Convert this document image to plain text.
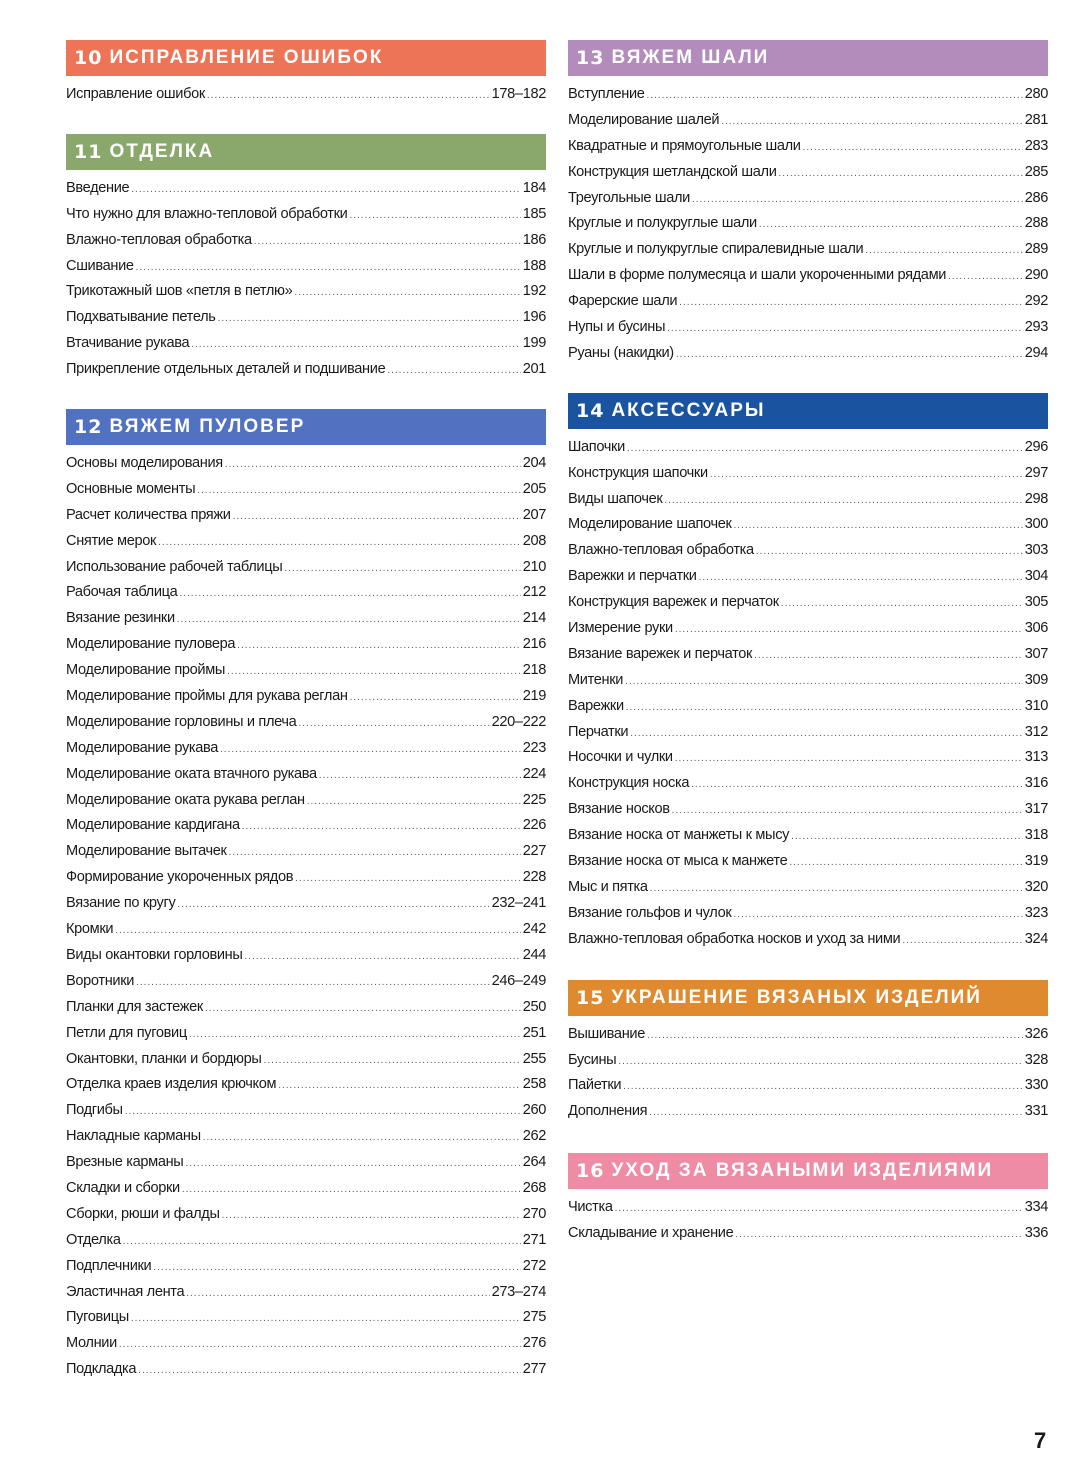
10 ИСПРАВЛЕНИЕ ОШИБОК
Исправление ошибок .....	178–182
11 ОТДЕЛКА
Введение .....	184
Что нужно для влажно-тепловой обработки .....	185
Влажно-тепловая обработка .....	186
Сшивание .....	188
Трикотажный шов «петля в петлю» .....	192
Подхватывание петель .....	196
Втачивание рукава .....	199
Прикрепление отдельных деталей и подшивание .....	201
12 ВЯЖЕМ ПУЛОВЕР
Основы моделирования .....	204
Основные моменты .....	205
Расчет количества пряжи .....	207
Снятие мерок .....	208
Использование рабочей таблицы .....	210
Рабочая таблица .....	212
Вязание резинки .....	214
Моделирование пуловера .....	216
Моделирование проймы .....	218
Моделирование проймы для рукава реглан .....	219
Моделирование горловины и плеча .....	220–222
Моделирование рукава .....	223
Моделирование оката втачного рукава .....	224
Моделирование оката рукава реглан .....	225
Моделирование кардигана .....	226
Моделирование вытачек .....	227
Формирование укороченных рядов .....	228
Вязание по кругу .....	232–241
Кромки .....	242
Виды окантовки горловины .....	244
Воротники .....	246–249
Планки для застежек .....	250
Петли для пуговиц .....	251
Окантовки, планки и бордюры .....	255
Отделка краев изделия крючком .....	258
Подгибы .....	260
Накладные карманы .....	262
Врезные карманы .....	264
Складки и сборки .....	268
Сборки, рюши и фалды .....	270
Отделка .....	271
Подплечники .....	272
Эластичная лента .....	273–274
Пуговицы .....	275
Молнии .....	276
Подкладка .....	277
13 ВЯЖЕМ ШАЛИ
Вступление .....	280
Моделирование шалей .....	281
Квадратные и прямоугольные шали .....	283
Конструкция шетландской шали .....	285
Треугольные шали .....	286
Круглые и полукруглые шали .....	288
Круглые и полукруглые спиралевидные шали .....	289
Шали в форме полумесяца и шали укороченными рядами .....	290
Фарерские шали .....	292
Нупы и бусины .....	293
Руаны (накидки) .....	294
14 АКСЕССУАРЫ
Шапочки .....	296
Конструкция шапочки .....	297
Виды шапочек .....	298
Моделирование шапочек .....	300
Влажно-тепловая обработка .....	303
Варежки и перчатки .....	304
Конструкция варежек и перчаток .....	305
Измерение руки .....	306
Вязание варежек и перчаток .....	307
Митенки .....	309
Варежки .....	310
Перчатки .....	312
Носочки и чулки .....	313
Конструкция носка .....	316
Вязание носков .....	317
Вязание носка от манжеты к мысу .....	318
Вязание носка от мыса к манжете .....	319
Мыс и пятка .....	320
Вязание гольфов и чулок .....	323
Влажно-тепловая обработка носков и уход за ними .....	324
15 УКРАШЕНИЕ ВЯЗАНЫХ ИЗДЕЛИЙ
Вышивание .....	326
Бусины .....	328
Пайетки .....	330
Дополнения .....	331
16 УХОД ЗА ВЯЗАНЫМИ ИЗДЕЛИЯМИ
Чистка .....	334
Складывание и хранение .....	336
7
